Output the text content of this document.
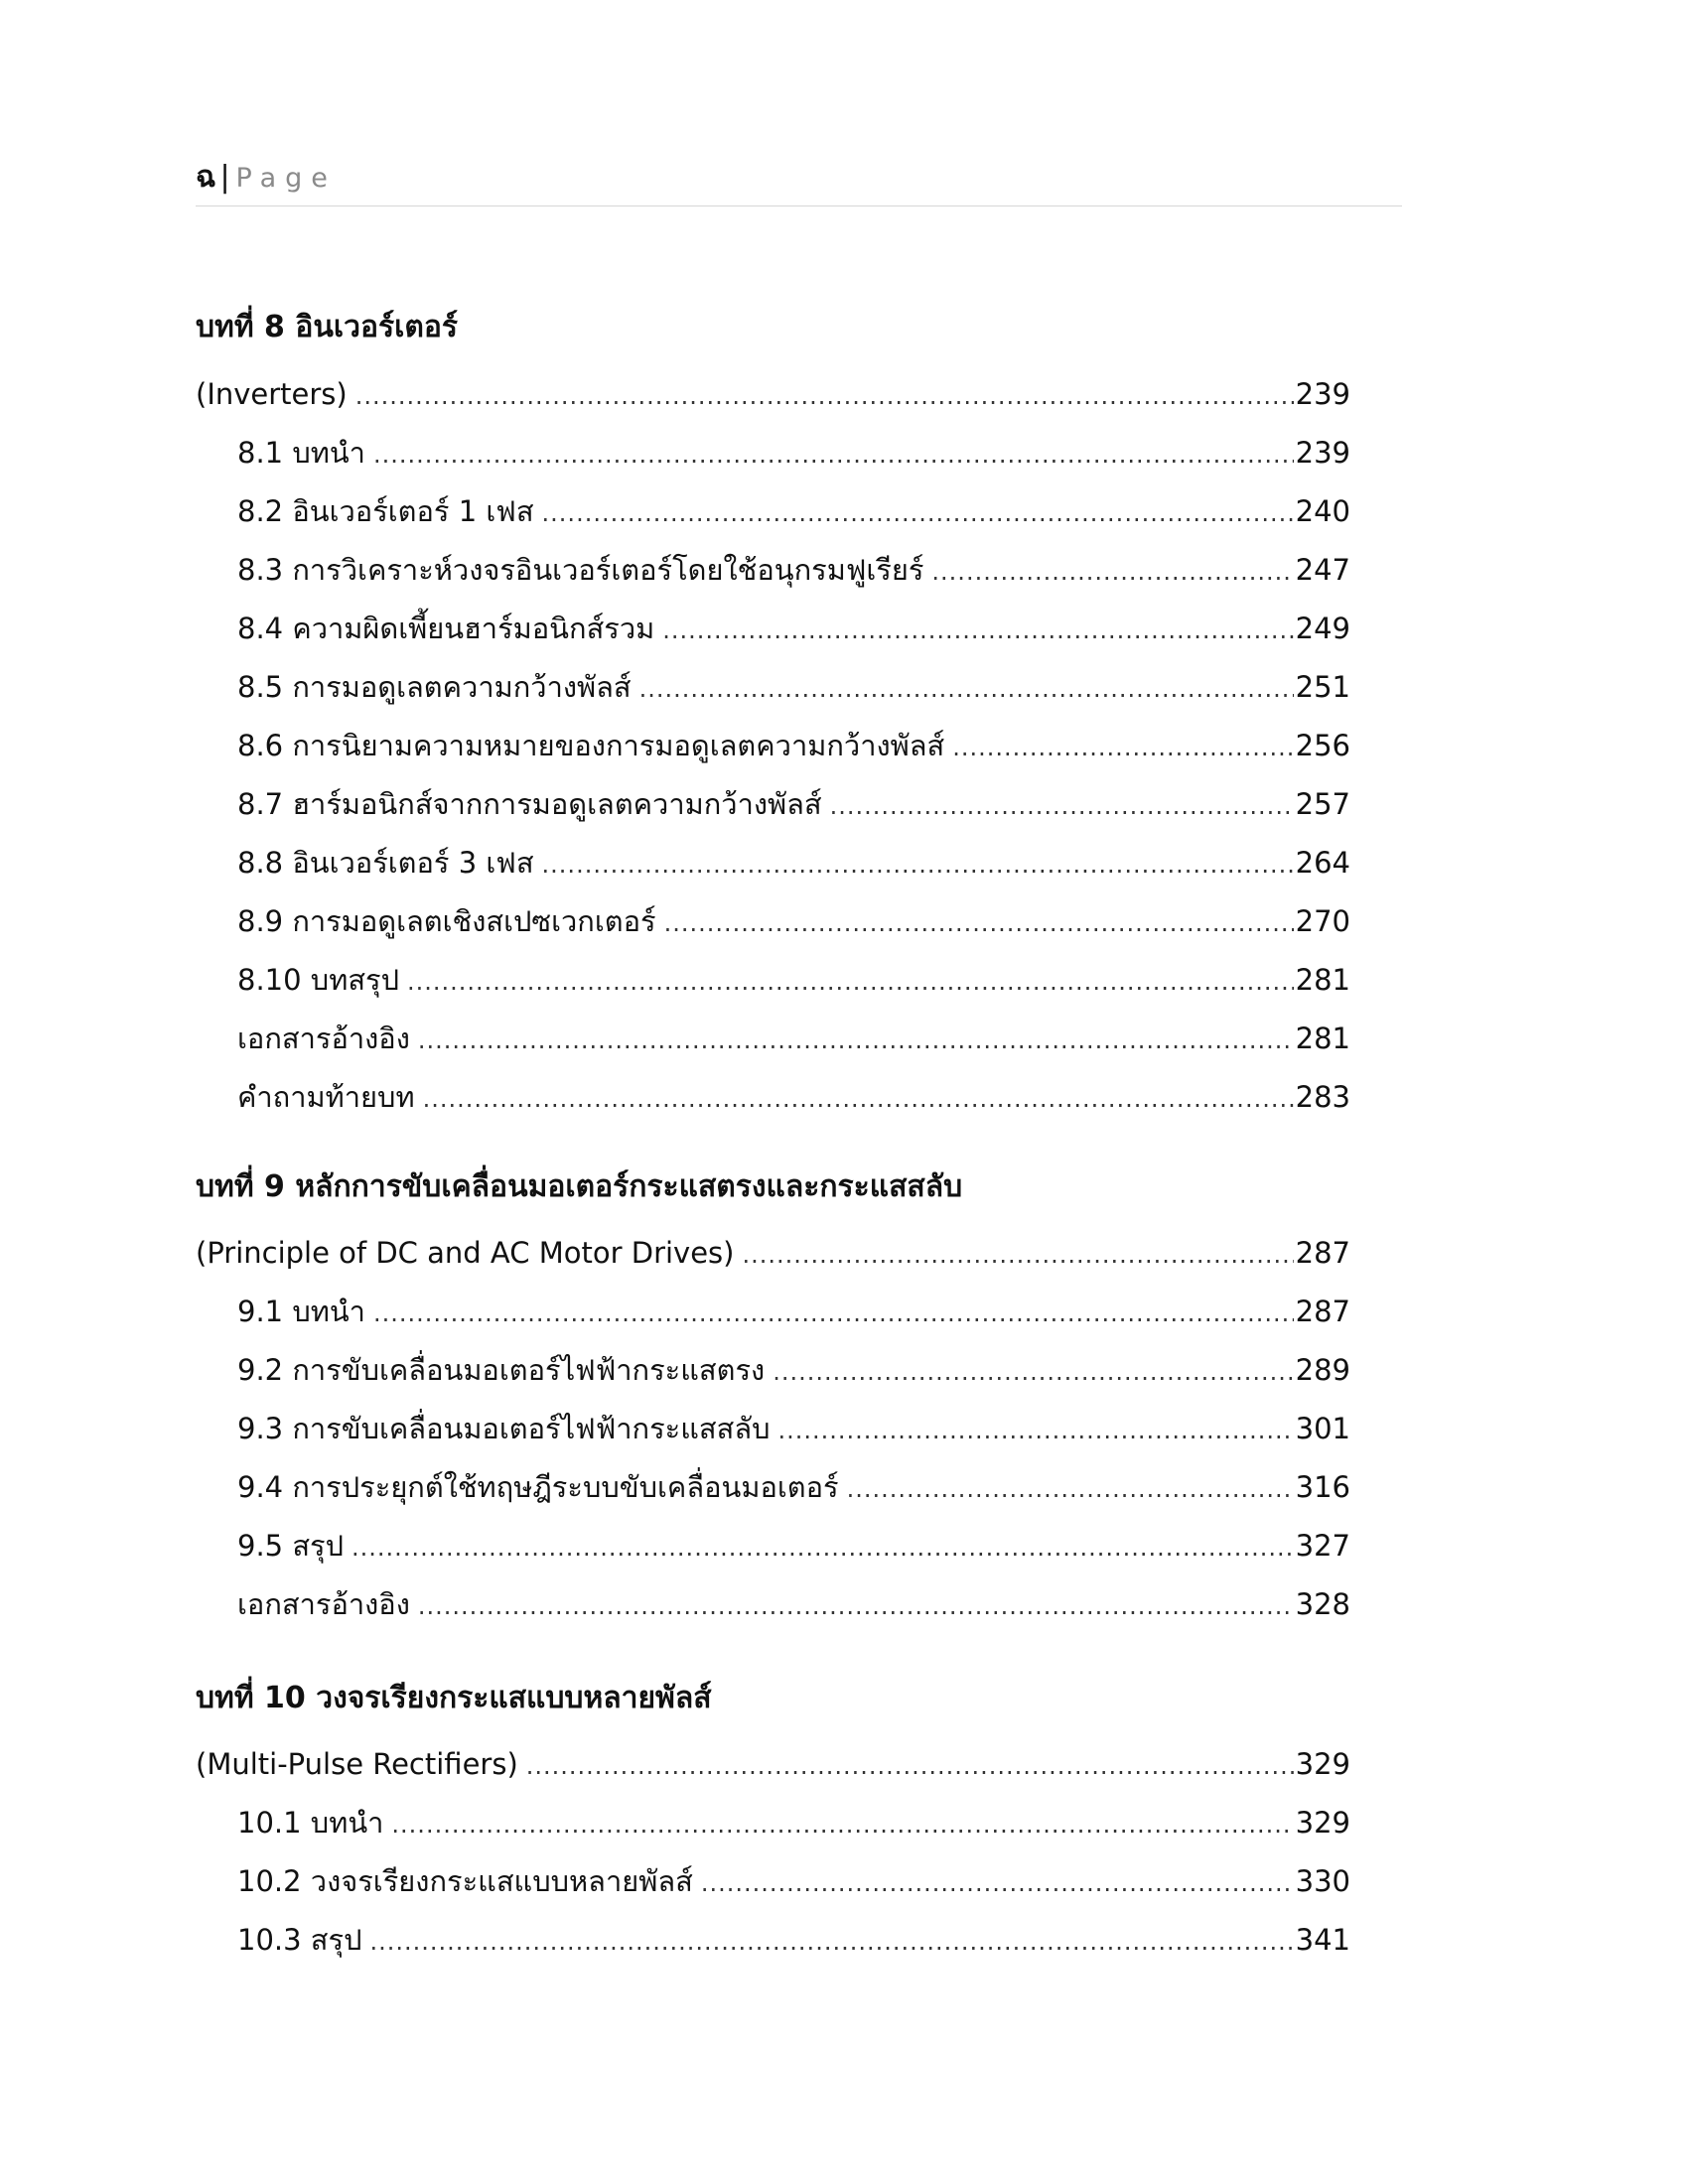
ฉ | Page
บทที่ 8 อินเวอร์เตอร์
(Inverters) .....	239
8.1 บทนำ .....	239
8.2 อินเวอร์เตอร์ 1 เฟส .....	240
8.3 การวิเคราะห์วงจรอินเวอร์เตอร์โดยใช้อนุกรมฟูเรียร์ .....	247
8.4 ความผิดเพี้ยนฮาร์มอนิกส์รวม .....	249
8.5 การมอดูเลตความกว้างพัลส์ .....	251
8.6 การนิยามความหมายของการมอดูเลตความกว้างพัลส์ .....	256
8.7 ฮาร์มอนิกส์จากการมอดูเลตความกว้างพัลส์ .....	257
8.8 อินเวอร์เตอร์ 3 เฟส .....	264
8.9 การมอดูเลตเชิงสเปซเวกเตอร์ .....	270
8.10 บทสรุป .....	281
เอกสารอ้างอิง .....	281
คำถามท้ายบท .....	283
บทที่ 9 หลักการขับเคลื่อนมอเตอร์กระแสตรงและกระแสสลับ
(Principle of DC and AC Motor Drives) .....	287
9.1 บทนำ .....	287
9.2 การขับเคลื่อนมอเตอร์ไฟฟ้ากระแสตรง .....	289
9.3 การขับเคลื่อนมอเตอร์ไฟฟ้ากระแสสลับ .....	301
9.4 การประยุกต์ใช้ทฤษฎีระบบขับเคลื่อนมอเตอร์ .....	316
9.5 สรุป .....	327
เอกสารอ้างอิง .....	328
บทที่ 10 วงจรเรียงกระแสแบบหลายพัลส์
(Multi-Pulse Rectifiers) .....	329
10.1 บทนำ .....	329
10.2 วงจรเรียงกระแสแบบหลายพัลส์ .....	330
10.3 สรุป .....	341
